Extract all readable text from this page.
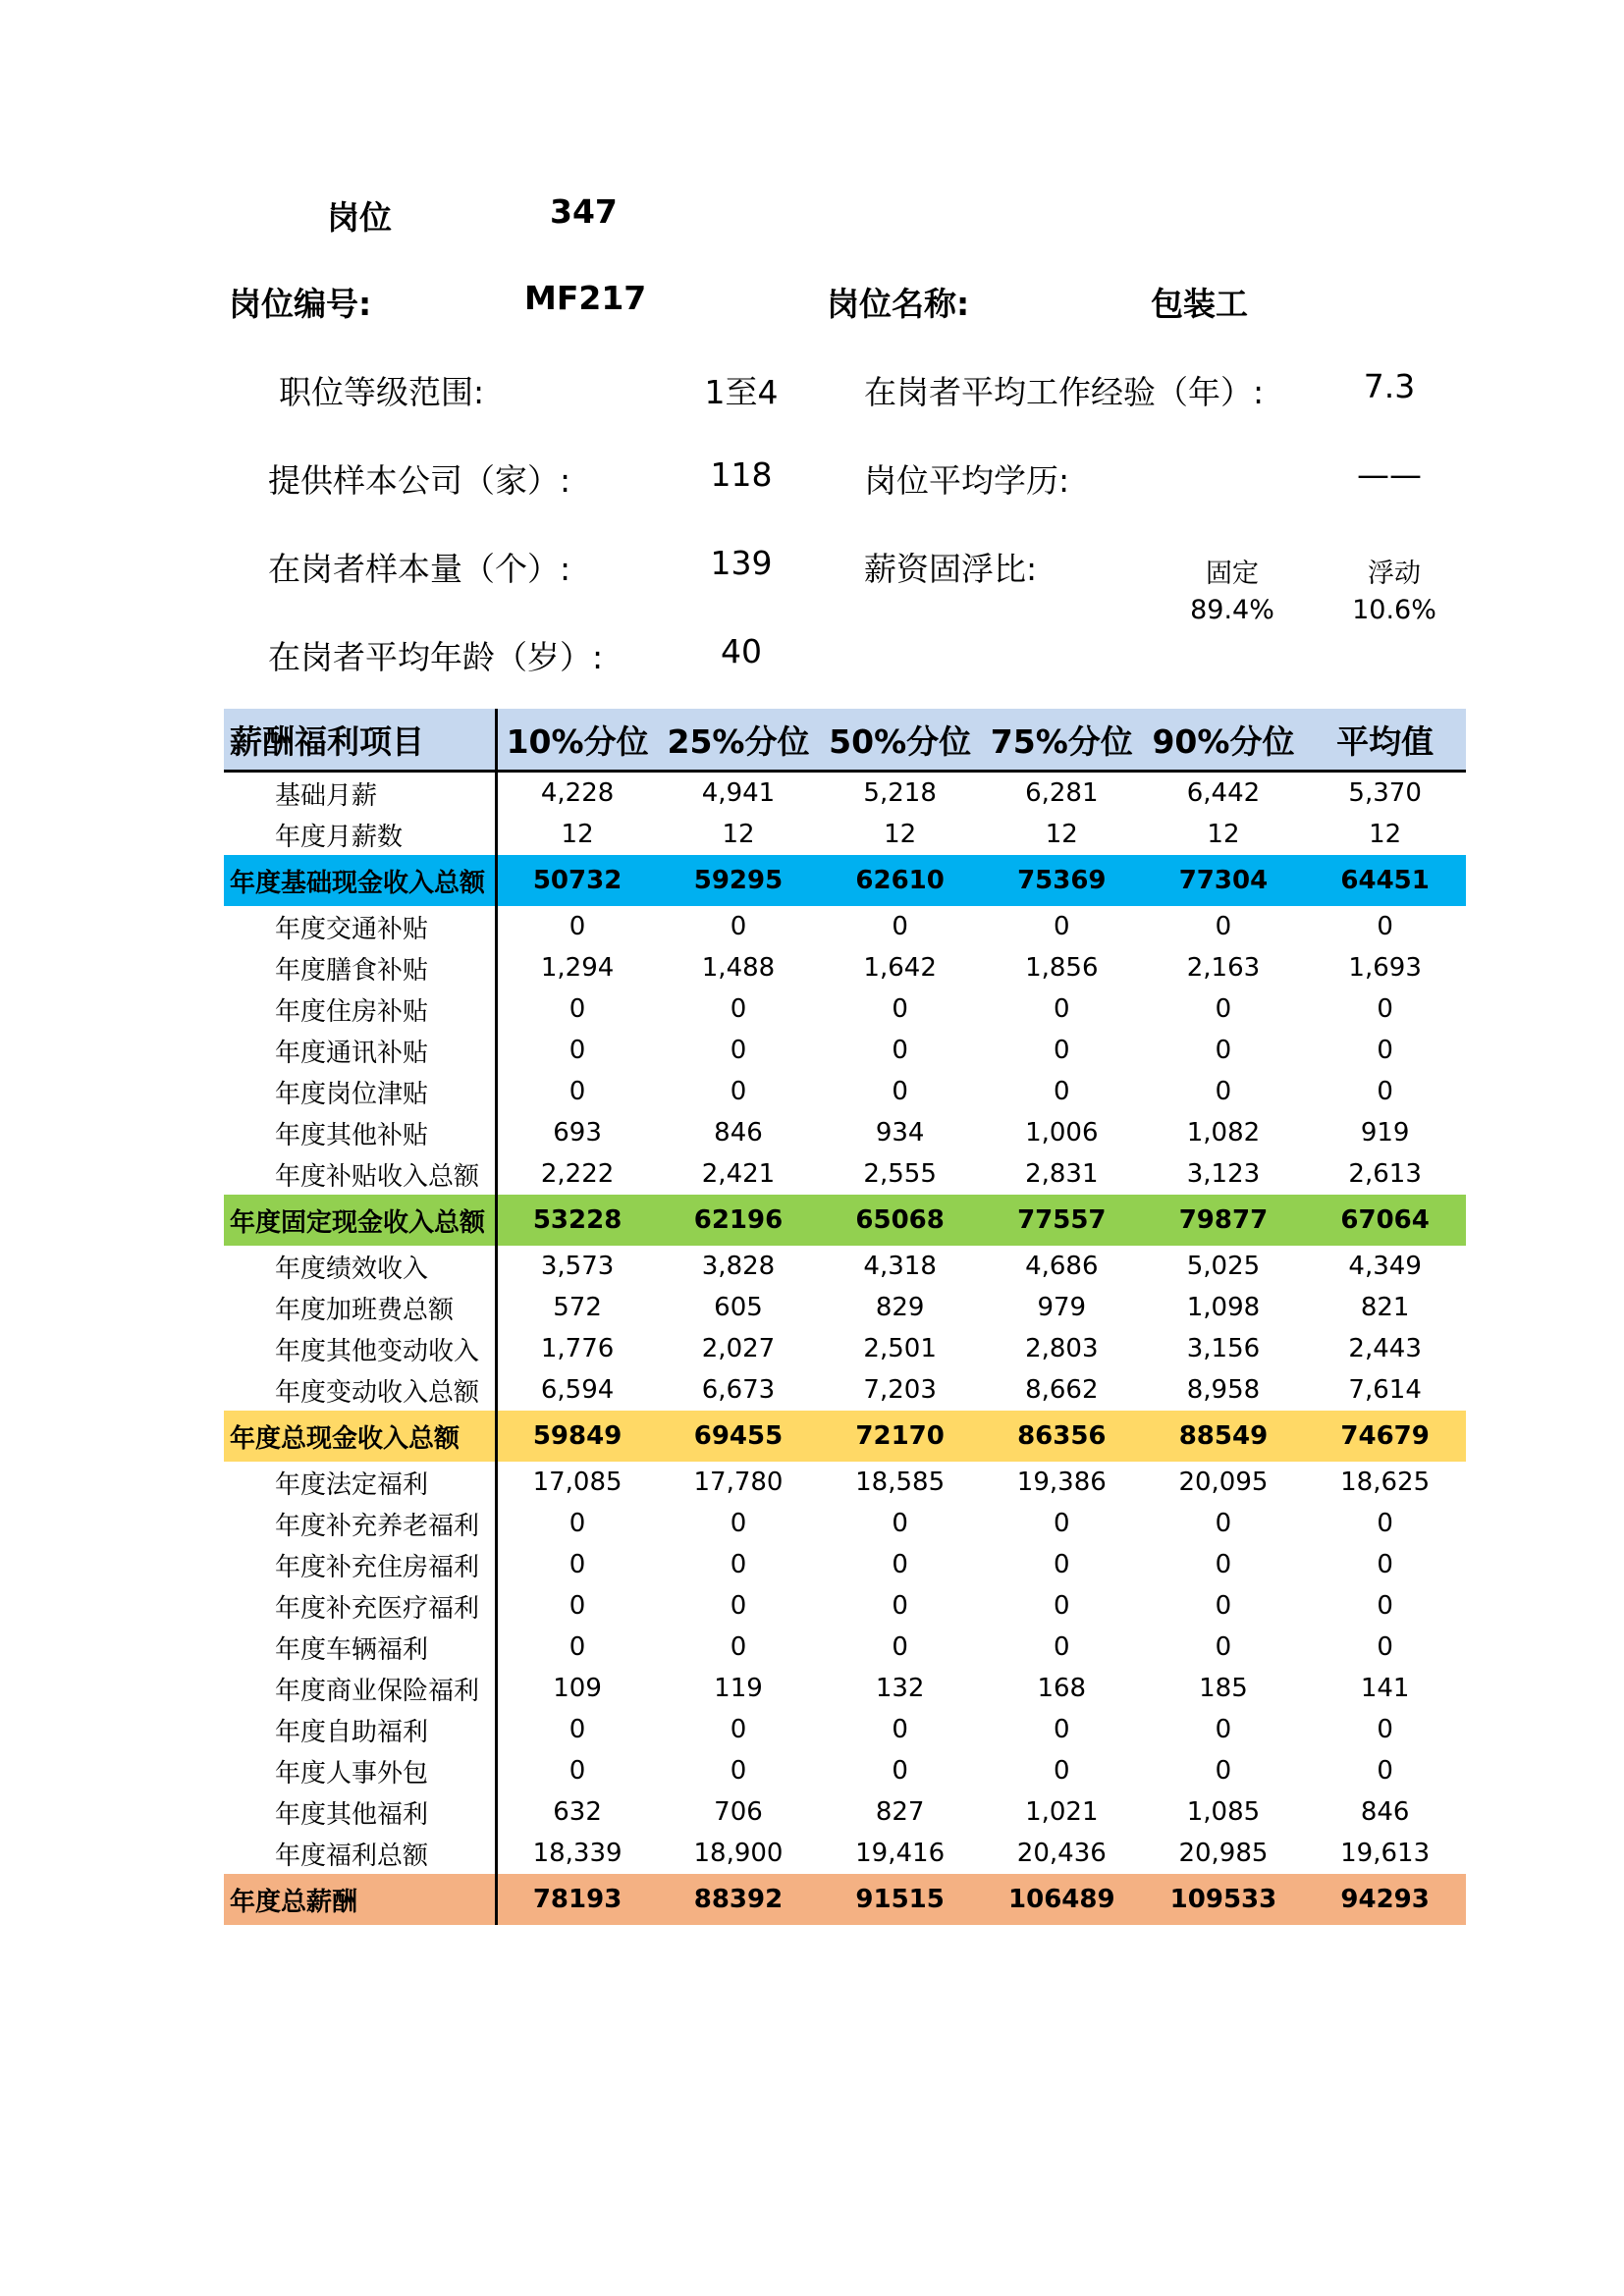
岗位	347
岗位编号:	MF217	岗位名称:	包装工
职位等级范围:	1至4
提供样本公司（家）:	118
在岗者样本量（个）:	139
在岗者平均年龄（岁）:	40
在岗者平均工作经验（年）:	7.3
岗位平均学历:	——
薪资固浮比:	固定
89.4%
浮动
10.6%
薪酬福利项目	10%分位	25%分位	50%分位	75%分位	90%分位	平均值
基础月薪	4,228	4,941	5,218	6,281	6,442	5,370
年度月薪数	12	12	12	12	12	12
年度基础现金收入总额	50732	59295	62610	75369	77304	64451
年度交通补贴	0	0	0	0	0	0
年度膳食补贴	1,294	1,488	1,642	1,856	2,163	1,693
年度住房补贴	0	0	0	0	0	0
年度通讯补贴	0	0	0	0	0	0
年度岗位津贴	0	0	0	0	0	0
年度其他补贴	693	846	934	1,006	1,082	919
年度补贴收入总额	2,222	2,421	2,555	2,831	3,123	2,613
年度固定现金收入总额	53228	62196	65068	77557	79877	67064
年度绩效收入	3,573	3,828	4,318	4,686	5,025	4,349
年度加班费总额	572	605	829	979	1,098	821
年度其他变动收入	1,776	2,027	2,501	2,803	3,156	2,443
年度变动收入总额	6,594	6,673	7,203	8,662	8,958	7,614
年度总现金收入总额	59849	69455	72170	86356	88549	74679
年度法定福利	17,085	17,780	18,585	19,386	20,095	18,625
年度补充养老福利	0	0	0	0	0	0
年度补充住房福利	0	0	0	0	0	0
年度补充医疗福利	0	0	0	0	0	0
年度车辆福利	0	0	0	0	0	0
年度商业保险福利	109	119	132	168	185	141
年度自助福利	0	0	0	0	0	0
年度人事外包	0	0	0	0	0	0
年度其他福利	632	706	827	1,021	1,085	846
年度福利总额	18,339	18,900	19,416	20,436	20,985	19,613
年度总薪酬	78193	88392	91515	106489	109533	94293
